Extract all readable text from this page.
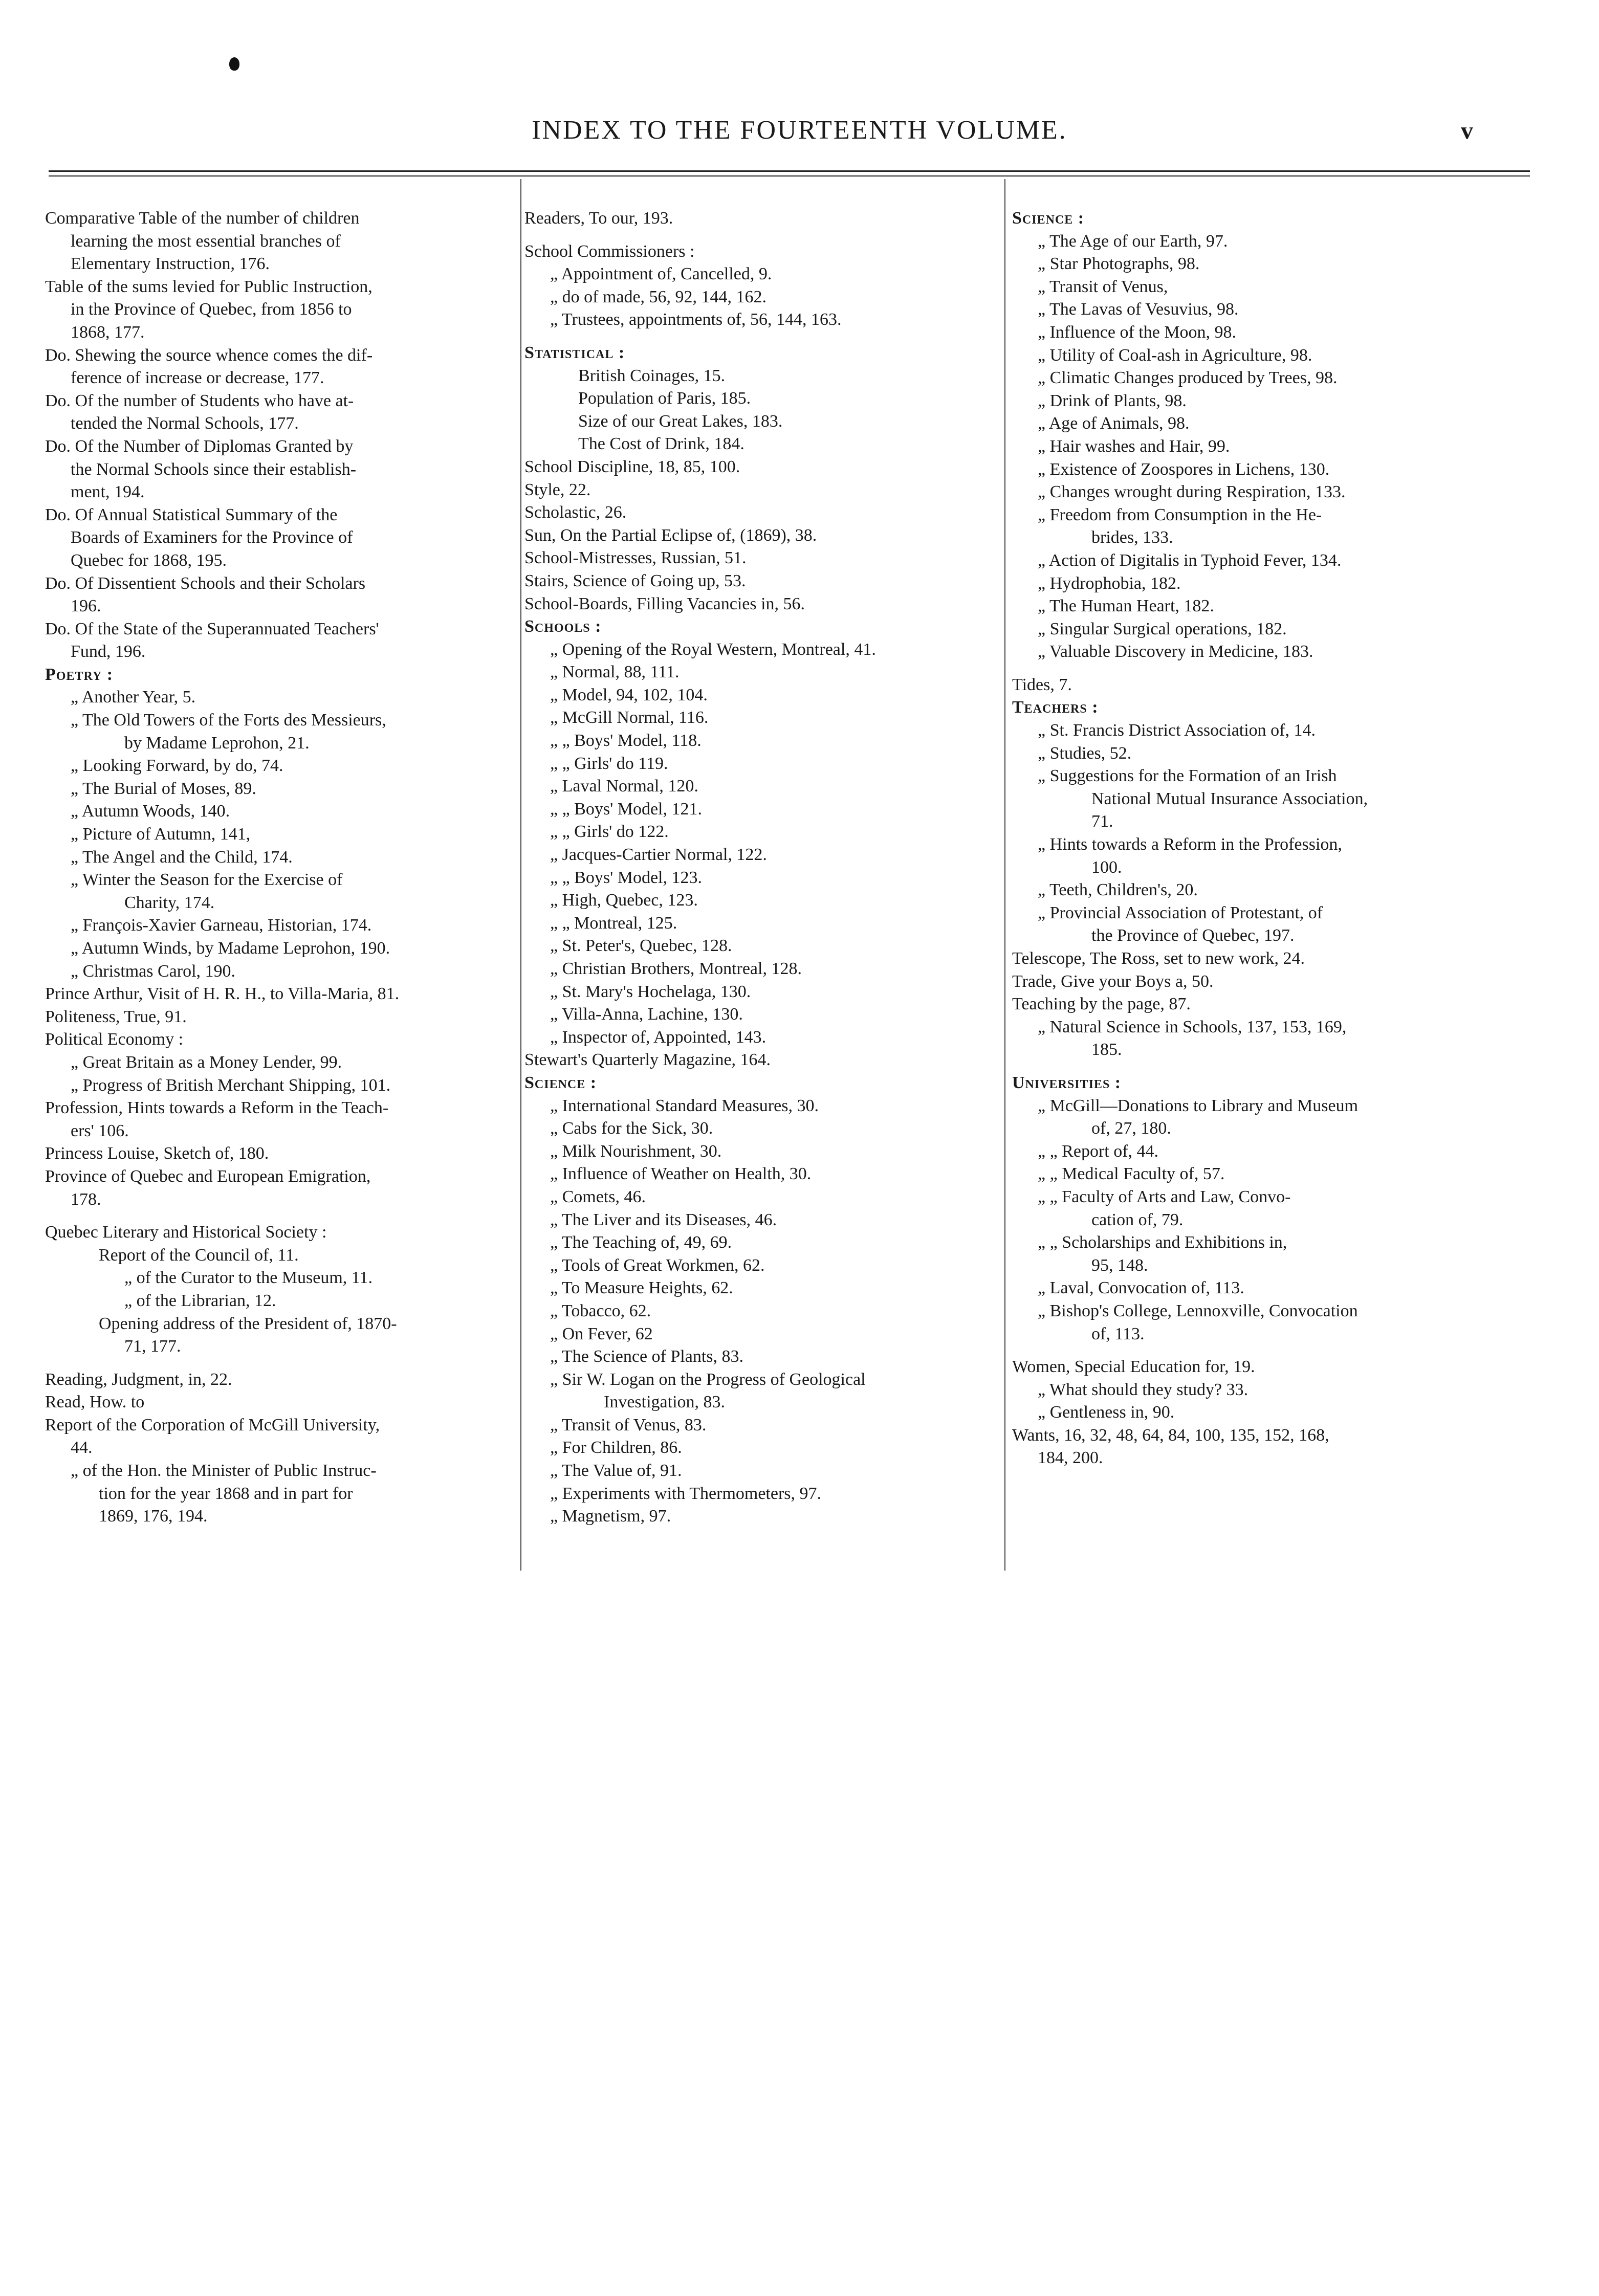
INDEX TO THE FOURTEENTH VOLUME.	v
Comparative Table of the number of children
learning the most essential branches of
Elementary Instruction, 176.
Table of the sums levied for Public Instruction,
in the Province of Quebec, from 1856 to
1868, 177.
Do. Shewing the source whence comes the dif-
ference of increase or decrease, 177.
Do. Of the number of Students who have at-
tended the Normal Schools, 177.
Do. Of the Number of Diplomas Granted by
the Normal Schools since their establish-
ment, 194.
Do. Of Annual Statistical Summary of the
Boards of Examiners for the Province of
Quebec for 1868, 195.
Do. Of Dissentient Schools and their Scholars
196.
Do. Of the State of the Superannuated Teachers'
Fund, 196.
Poetry :
„ Another Year, 5.
„ The Old Towers of the Forts des Messieurs,
by Madame Leprohon, 21.
„ Looking Forward, by do, 74.
„ The Burial of Moses, 89.
„ Autumn Woods, 140.
„ Picture of Autumn, 141,
„ The Angel and the Child, 174.
„ Winter the Season for the Exercise of
Charity, 174.
„ François-Xavier Garneau, Historian, 174.
„ Autumn Winds, by Madame Leprohon, 190.
„ Christmas Carol, 190.
Prince Arthur, Visit of H. R. H., to Villa-Maria, 81.
Politeness, True, 91.
Political Economy :
„ Great Britain as a Money Lender, 99.
„ Progress of British Merchant Shipping, 101.
Profession, Hints towards a Reform in the Teach-
ers' 106.
Princess Louise, Sketch of, 180.
Province of Quebec and European Emigration,
178.
Quebec Literary and Historical Society :
Report of the Council of, 11.
„ of the Curator to the Museum, 11.
„ of the Librarian, 12.
Opening address of the President of, 1870-
71, 177.
Reading, Judgment, in, 22.
Read, How. to
Report of the Corporation of McGill University,
44.
„ of the Hon. the Minister of Public Instruc-
tion for the year 1868 and in part for
1869, 176, 194.
Readers, To our, 193.
School Commissioners :
„ Appointment of, Cancelled, 9.
„ do of made, 56, 92, 144, 162.
„ Trustees, appointments of, 56, 144, 163.
Statistical :
British Coinages, 15.
Population of Paris, 185.
Size of our Great Lakes, 183.
The Cost of Drink, 184.
School Discipline, 18, 85, 100.
Style, 22.
Scholastic, 26.
Sun, On the Partial Eclipse of, (1869), 38.
School-Mistresses, Russian, 51.
Stairs, Science of Going up, 53.
School-Boards, Filling Vacancies in, 56.
Schools :
„ Opening of the Royal Western, Montreal, 41.
„ Normal, 88, 111.
„ Model, 94, 102, 104.
„ McGill Normal, 116.
„ „ Boys' Model, 118.
„ „ Girls' do 119.
„ Laval Normal, 120.
„ „ Boys' Model, 121.
„ „ Girls' do 122.
„ Jacques-Cartier Normal, 122.
„ „ Boys' Model, 123.
„ High, Quebec, 123.
„ „ Montreal, 125.
„ St. Peter's, Quebec, 128.
„ Christian Brothers, Montreal, 128.
„ St. Mary's Hochelaga, 130.
„ Villa-Anna, Lachine, 130.
„ Inspector of, Appointed, 143.
Stewart's Quarterly Magazine, 164.
Science :
„ International Standard Measures, 30.
„ Cabs for the Sick, 30.
„ Milk Nourishment, 30.
„ Influence of Weather on Health, 30.
„ Comets, 46.
„ The Liver and its Diseases, 46.
„ The Teaching of, 49, 69.
„ Tools of Great Workmen, 62.
„ To Measure Heights, 62.
„ Tobacco, 62.
„ On Fever, 62
„ The Science of Plants, 83.
„ Sir W. Logan on the Progress of Geological
Investigation, 83.
„ Transit of Venus, 83.
„ For Children, 86.
„ The Value of, 91.
„ Experiments with Thermometers, 97.
„ Magnetism, 97.
Science :
„ The Age of our Earth, 97.
„ Star Photographs, 98.
„ Transit of Venus,
„ The Lavas of Vesuvius, 98.
„ Influence of the Moon, 98.
„ Utility of Coal-ash in Agriculture, 98.
„ Climatic Changes produced by Trees, 98.
„ Drink of Plants, 98.
„ Age of Animals, 98.
„ Hair washes and Hair, 99.
„ Existence of Zoospores in Lichens, 130.
„ Changes wrought during Respiration, 133.
„ Freedom from Consumption in the He-
brides, 133.
„ Action of Digitalis in Typhoid Fever, 134.
„ Hydrophobia, 182.
„ The Human Heart, 182.
„ Singular Surgical operations, 182.
„ Valuable Discovery in Medicine, 183.
Tides, 7.
Teachers :
„ St. Francis District Association of, 14.
„ Studies, 52.
„ Suggestions for the Formation of an Irish
National Mutual Insurance Association,
71.
„ Hints towards a Reform in the Profession,
100.
„ Teeth, Children's, 20.
„ Provincial Association of Protestant, of
the Province of Quebec, 197.
Telescope, The Ross, set to new work, 24.
Trade, Give your Boys a, 50.
Teaching by the page, 87.
„ Natural Science in Schools, 137, 153, 169,
185.
Universities :
„ McGill—Donations to Library and Museum
of, 27, 180.
„ „ Report of, 44.
„ „ Medical Faculty of, 57.
„ „ Faculty of Arts and Law, Convo-
cation of, 79.
„ „ Scholarships and Exhibitions in,
95, 148.
„ Laval, Convocation of, 113.
„ Bishop's College, Lennoxville, Convocation
of, 113.
Women, Special Education for, 19.
„ What should they study? 33.
„ Gentleness in, 90.
Wants, 16, 32, 48, 64, 84, 100, 135, 152, 168,
184, 200.
